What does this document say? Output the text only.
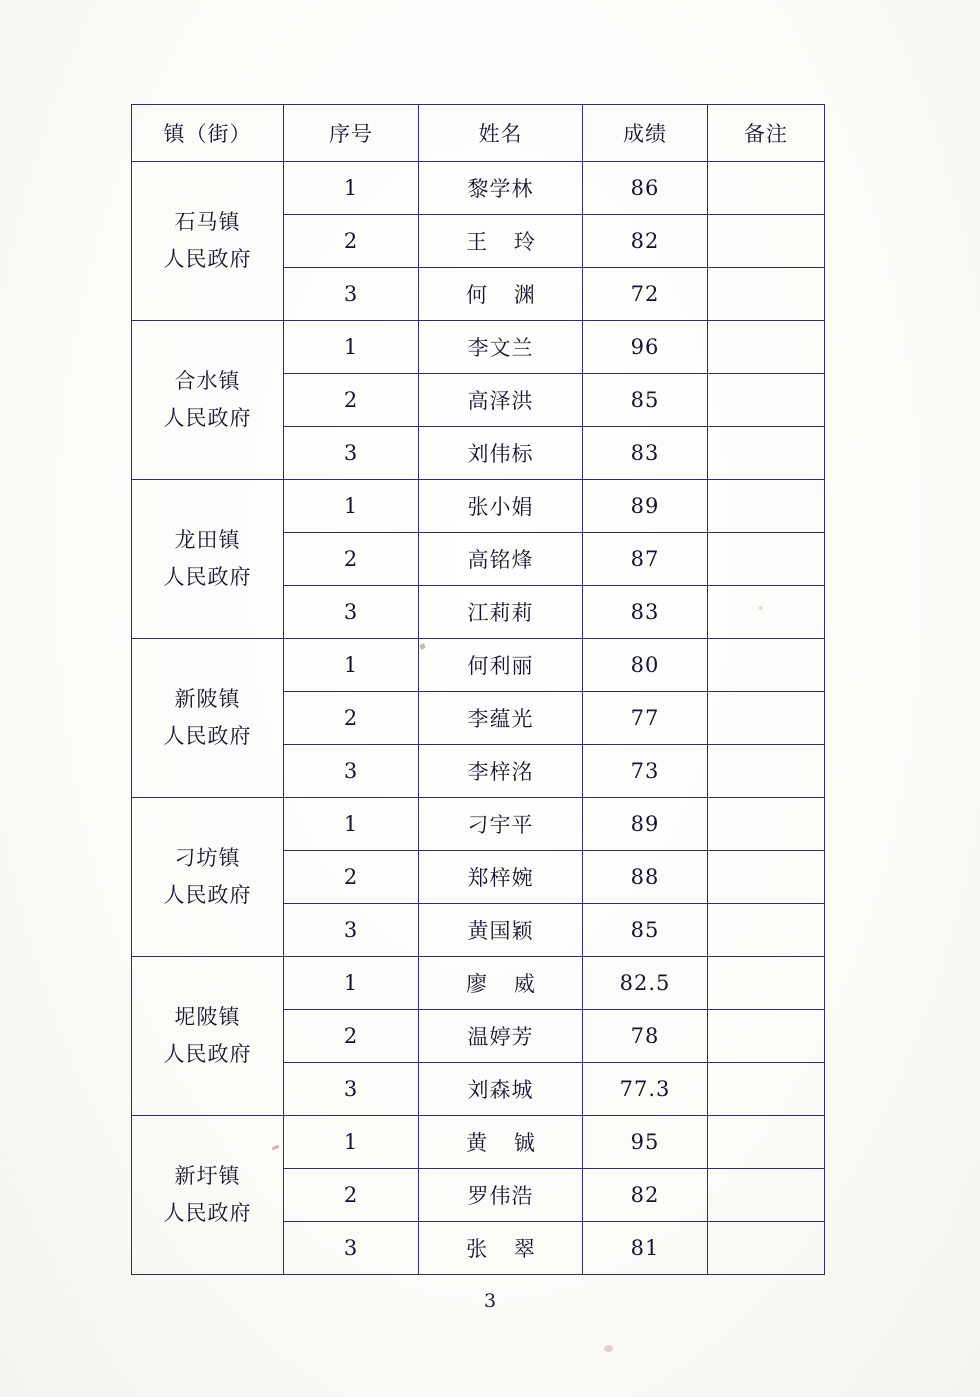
镇（街）	序号	姓名	成绩	备注

石马镇
人民政府	1	黎学林	86	
	2	王 玲	82	
	3	何 渊	72	

合水镇
人民政府	1	李文兰	96	
	2	高泽洪	85	
	3	刘伟标	83	

龙田镇
人民政府	1	张小娟	89	
	2	高铭烽	87	
	3	江莉莉	83	

新陂镇
人民政府	1	何利丽	80	
	2	李蕴光	77	
	3	李梓洺	73	

刁坊镇
人民政府	1	刁宇平	89	
	2	郑梓婉	88	
	3	黄国颖	85	

坭陂镇
人民政府	1	廖 威	82.5	
	2	温婷芳	78	
	3	刘森城	77.3	

新圩镇
人民政府	1	黄 铖	95	
	2	罗伟浩	82	
	3	张 翠	81	
3
